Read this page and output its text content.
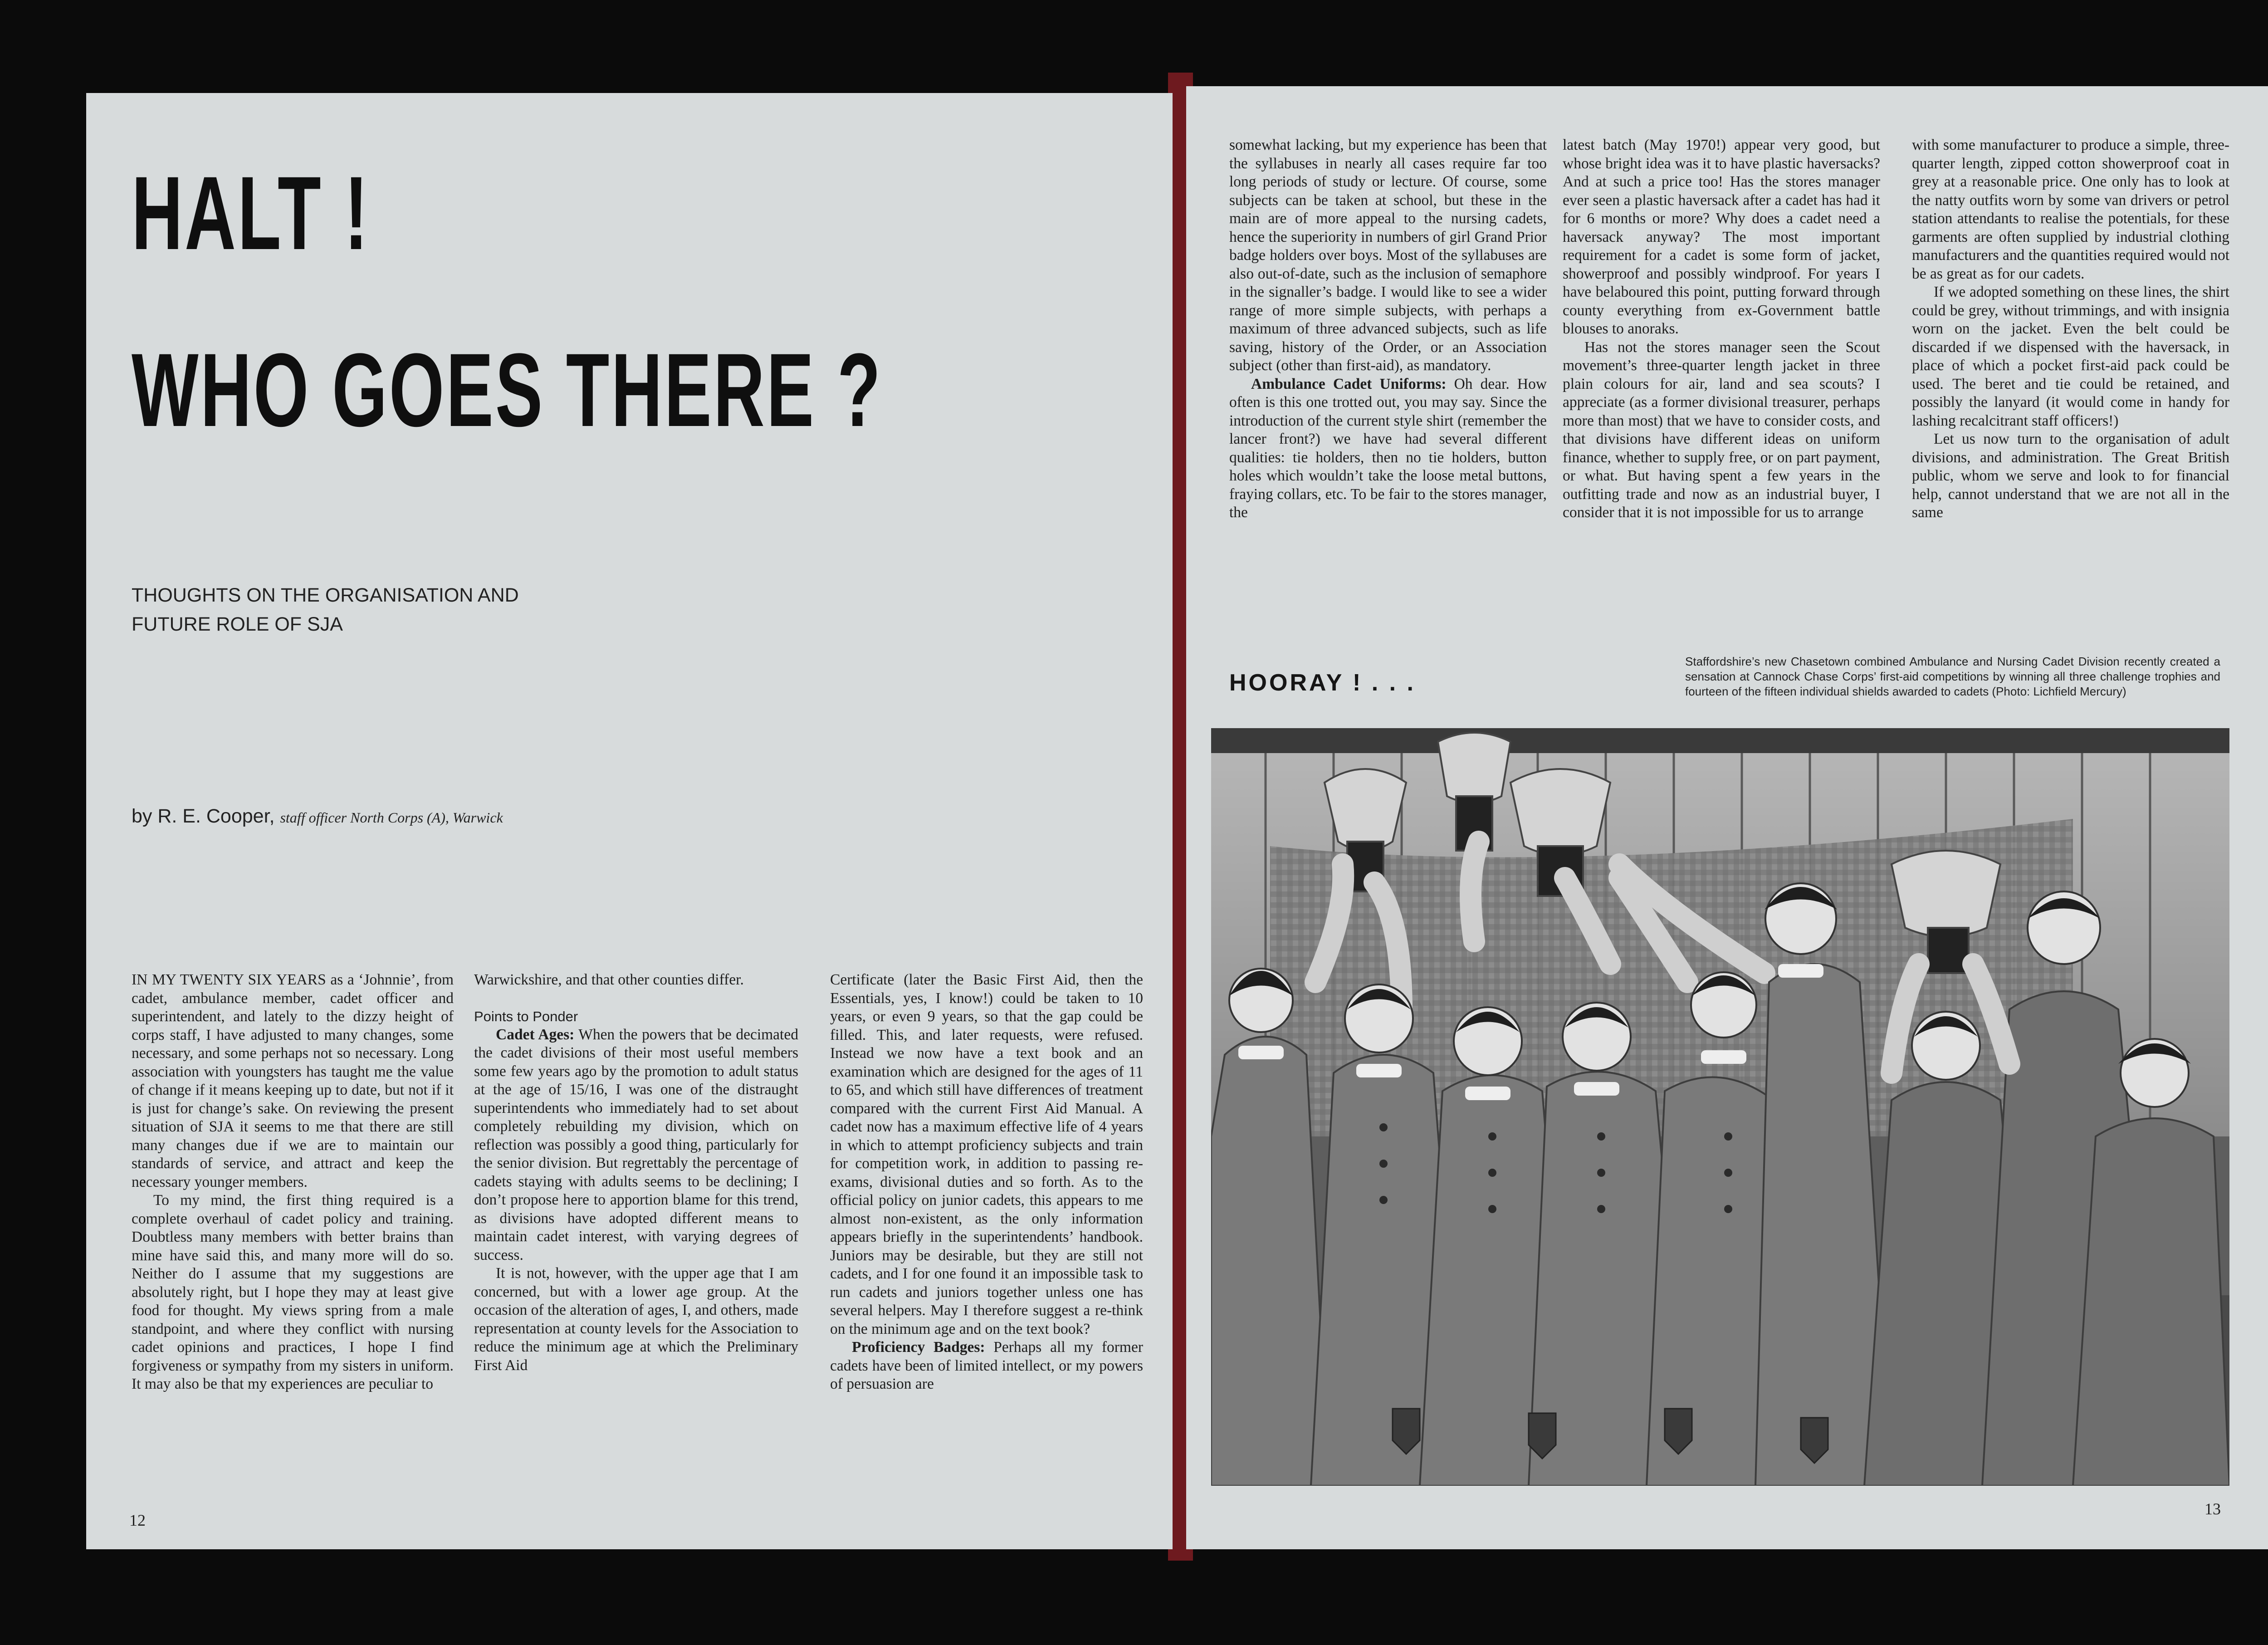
HALT !
WHO GOES THERE ?
THOUGHTS ON THE ORGANISATION AND
FUTURE ROLE OF SJA
by R. E. Cooper, staff officer North Corps (A), Warwick

IN MY TWENTY SIX YEARS as a ‘Johnnie’, from cadet, ambulance member, cadet officer and superintendent, and lately to the dizzy height of corps staff, I have adjusted to many changes, some necessary, and some perhaps not so necessary. Long association with youngsters has taught me the value of change if it means keeping up to date, but not if it is just for change’s sake. On reviewing the present situation of SJA it seems to me that there are still many changes due if we are to maintain our standards of service, and attract and keep the necessary younger members.

To my mind, the first thing required is a complete overhaul of cadet policy and training. Doubtless many members with better brains than mine have said this, and many more will do so. Neither do I assume that my suggestions are absolutely right, but I hope they may at least give food for thought. My views spring from a male standpoint, and where they conflict with nursing cadet opinions and practices, I hope I find forgiveness or sympathy from my sisters in uniform. It may also be that my experiences are peculiar to

Warwickshire, and that other counties differ.

Points to Ponder

Cadet Ages: When the powers that be decimated the cadet divisions of their most useful members some few years ago by the promotion to adult status at the age of 15/16, I was one of the distraught superintendents who immediately had to set about completely rebuilding my division, which on reflection was possibly a good thing, particularly for the senior division. But regrettably the percentage of cadets staying with adults seems to be declining; I don’t propose here to apportion blame for this trend, as divisions have adopted different means to maintain cadet interest, with varying degrees of success.

It is not, however, with the upper age that I am concerned, but with a lower age group. At the occasion of the alteration of ages, I, and others, made representation at county levels for the Association to reduce the minimum age at which the Preliminary First Aid

Certificate (later the Basic First Aid, then the Essentials, yes, I know!) could be taken to 10 years, or even 9 years, so that the gap could be filled. This, and later requests, were refused. Instead we now have a text book and an examination which are designed for the ages of 11 to 65, and which still have differences of treatment compared with the current First Aid Manual. A cadet now has a maximum effective life of 4 years in which to attempt proficiency subjects and train for competition work, in addition to passing re-exams, divisional duties and so forth. As to the official policy on junior cadets, this appears to me almost non-existent, as the only information appears briefly in the superintendents’ handbook. Juniors may be desirable, but they are still not cadets, and I for one found it an impossible task to run cadets and juniors together unless one has several helpers. May I therefore suggest a re-think on the minimum age and on the text book?

Proficiency Badges: Perhaps all my former cadets have been of limited intellect, or my powers of persuasion are

12

somewhat lacking, but my experience has been that the syllabuses in nearly all cases require far too long periods of study or lecture. Of course, some subjects can be taken at school, but these in the main are of more appeal to the nursing cadets, hence the superiority in numbers of girl Grand Prior badge holders over boys. Most of the syllabuses are also out-of-date, such as the inclusion of semaphore in the signaller’s badge. I would like to see a wider range of more simple subjects, with perhaps a maximum of three advanced subjects, such as life saving, history of the Order, or an Association subject (other than first-aid), as mandatory.

Ambulance Cadet Uniforms: Oh dear. How often is this one trotted out, you may say. Since the introduction of the current style shirt (remember the lancer front?) we have had several different qualities: tie holders, then no tie holders, button holes which wouldn’t take the loose metal buttons, fraying collars, etc. To be fair to the stores manager, the

latest batch (May 1970!) appear very good, but whose bright idea was it to have plastic haversacks? And at such a price too! Has the stores manager ever seen a plastic haversack after a cadet has had it for 6 months or more? Why does a cadet need a haversack anyway? The most important requirement for a cadet is some form of jacket, showerproof and possibly windproof. For years I have belaboured this point, putting forward through county everything from ex-Government battle blouses to anoraks.

Has not the stores manager seen the Scout movement’s three-quarter length jacket in three plain colours for air, land and sea scouts? I appreciate (as a former divisional treasurer, perhaps more than most) that we have to consider costs, and that divisions have different ideas on uniform finance, whether to supply free, or on part payment, or what. But having spent a few years in the outfitting trade and now as an industrial buyer, I consider that it is not impossible for us to arrange

with some manufacturer to produce a simple, three-quarter length, zipped cotton showerproof coat in grey at a reasonable price. One only has to look at the natty outfits worn by some van drivers or petrol station attendants to realise the potentials, for these garments are often supplied by industrial clothing manufacturers and the quantities required would not be as great as for our cadets.

If we adopted something on these lines, the shirt could be grey, without trimmings, and with insignia worn on the jacket. Even the belt could be discarded if we dispensed with the haversack, in place of which a pocket first-aid pack could be used. The beret and tie could be retained, and possibly the lanyard (it would come in handy for lashing recalcitrant staff officers!)

Let us now turn to the organisation of adult divisions, and administration. The Great British public, whom we serve and look to for financial help, cannot understand that we are not all in the same

HOORAY ! . . .
Staffordshire’s new Chasetown combined Ambulance and Nursing Cadet Division recently created a sensation at Cannock Chase Corps’ first-aid competitions by winning all three challenge trophies and fourteen of the fifteen individual shields awarded to cadets (Photo: Lichfield Mercury)
13
